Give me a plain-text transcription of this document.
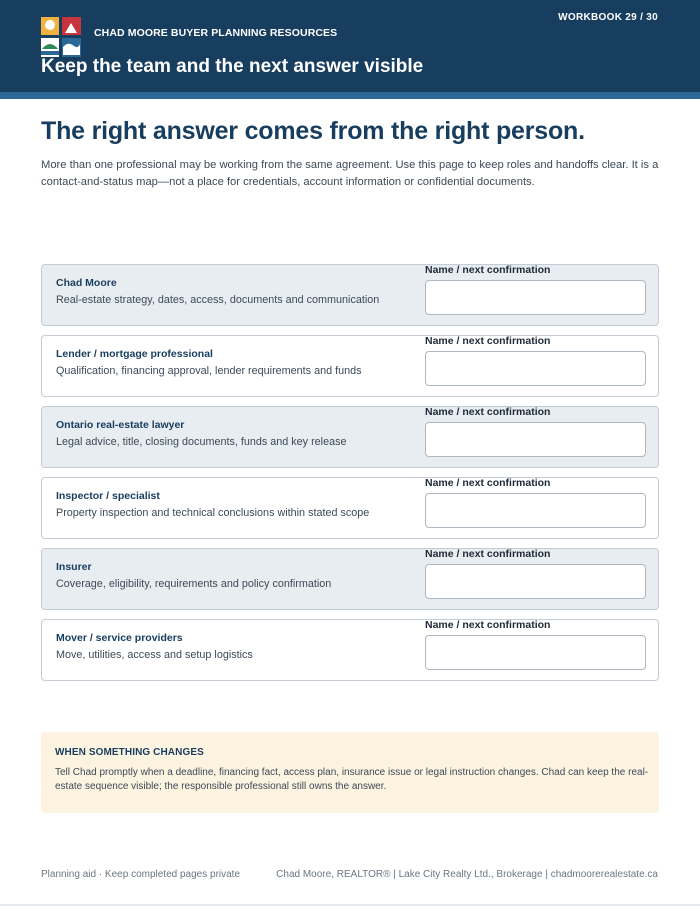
CHAD MOORE BUYER PLANNING RESOURCES
WORKBOOK 29 / 30
Keep the team and the next answer visible
The right answer comes from the right person.

More than one professional may be working from the same agreement. Use this page to keep roles and handoffs clear. It is a contact-and-status map—not a place for credentials, account information or confidential documents.

Chad Moore
Real-estate strategy, dates, access, documents and communication
Name / next confirmation
Lender / mortgage professional
Qualification, financing approval, lender requirements and funds
Name / next confirmation
Ontario real-estate lawyer
Legal advice, title, closing documents, funds and key release
Name / next confirmation
Inspector / specialist
Property inspection and technical conclusions within stated scope
Name / next confirmation
Insurer
Coverage, eligibility, requirements and policy confirmation
Name / next confirmation
Mover / service providers
Move, utilities, access and setup logistics
Name / next confirmation
WHEN SOMETHING CHANGES
Tell Chad promptly when a deadline, financing fact, access plan, insurance issue or legal instruction changes. Chad can keep the real-estate sequence visible; the responsible professional still owns the answer.
Planning aid · Keep completed pages private	Chad Moore, REALTOR® | Lake City Realty Ltd., Brokerage | chadmoorerealestate.ca
